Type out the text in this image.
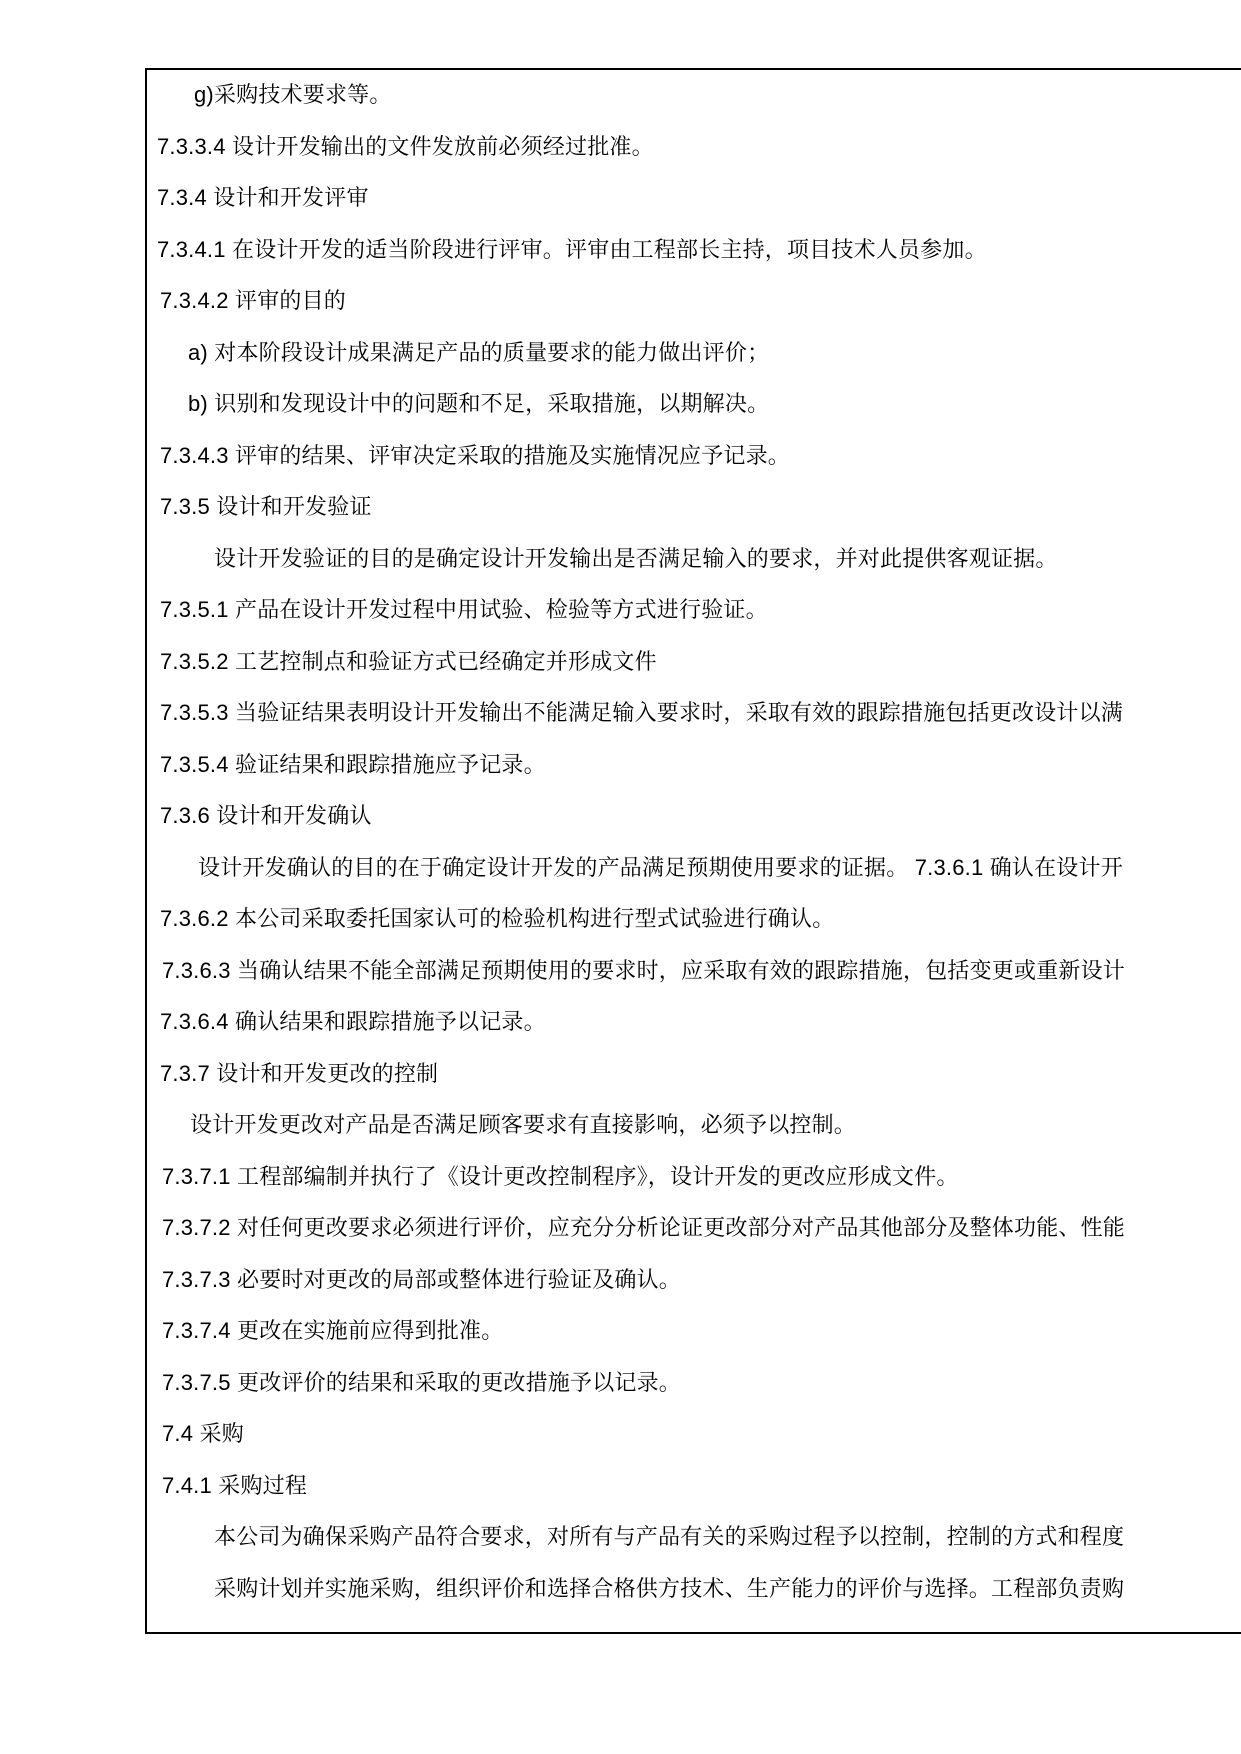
g)采购技术要求等。
7.3.3.4 设计开发输出的文件发放前必须经过批准。
7.3.4 设计和开发评审
7.3.4.1 在设计开发的适当阶段进行评审。评审由工程部长主持，项目技术人员参加。
7.3.4.2 评审的目的
a) 对本阶段设计成果满足产品的质量要求的能力做出评价；
b) 识别和发现设计中的问题和不足，采取措施，以期解决。
7.3.4.3 评审的结果、评审决定采取的措施及实施情况应予记录。
7.3.5 设计和开发验证
设计开发验证的目的是确定设计开发输出是否满足输入的要求，并对此提供客观证据。
7.3.5.1 产品在设计开发过程中用试验、检验等方式进行验证。
7.3.5.2 工艺控制点和验证方式已经确定并形成文件
7.3.5.3 当验证结果表明设计开发输出不能满足输入要求时，采取有效的跟踪措施包括更改设计以满
7.3.5.4 验证结果和跟踪措施应予记录。
7.3.6 设计和开发确认
设计开发确认的目的在于确定设计开发的产品满足预期使用要求的证据。 7.3.6.1 确认在设计开
7.3.6.2 本公司采取委托国家认可的检验机构进行型式试验进行确认。
7.3.6.3 当确认结果不能全部满足预期使用的要求时，应采取有效的跟踪措施，包括变更或重新设计
7.3.6.4 确认结果和跟踪措施予以记录。
7.3.7 设计和开发更改的控制
设计开发更改对产品是否满足顾客要求有直接影响，必须予以控制。
7.3.7.1 工程部编制并执行了《设计更改控制程序》，设计开发的更改应形成文件。
7.3.7.2 对任何更改要求必须进行评价，应充分分析论证更改部分对产品其他部分及整体功能、性能
7.3.7.3 必要时对更改的局部或整体进行验证及确认。
7.3.7.4 更改在实施前应得到批准。
7.3.7.5 更改评价的结果和采取的更改措施予以记录。
7.4 采购
7.4.1 采购过程
本公司为确保采购产品符合要求，对所有与产品有关的采购过程予以控制，控制的方式和程度
采购计划并实施采购，组织评价和选择合格供方技术、生产能力的评价与选择。工程部负责购
